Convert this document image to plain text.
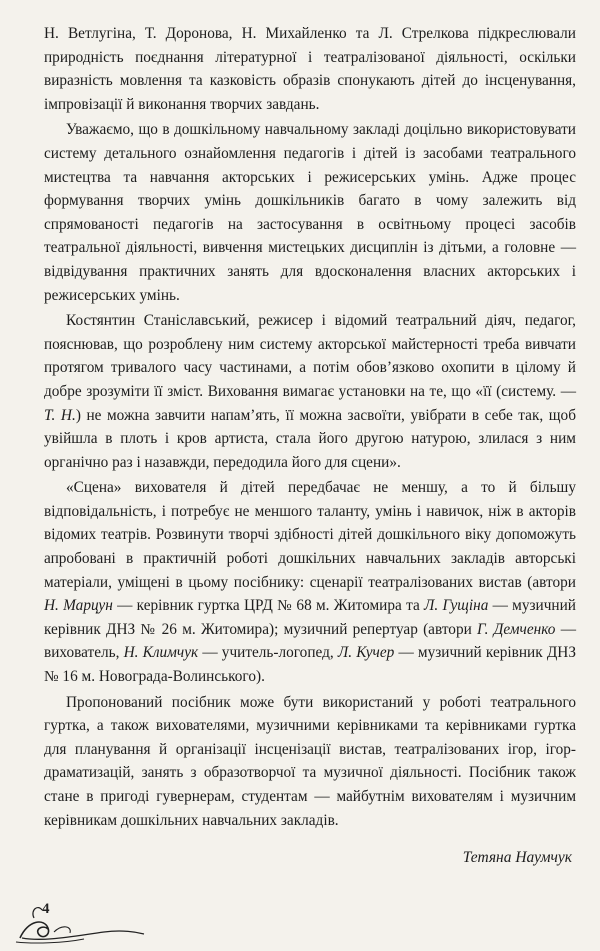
Н. Ветлугіна, Т. Доронова, Н. Михайленко та Л. Стрелкова підкреслювали природність поєднання літературної і театралізованої діяльності, оскільки виразність мовлення та казковість образів спонукають дітей до інсценування, імпровізації й виконання творчих завдань.

Уважаємо, що в дошкільному навчальному закладі доцільно використовувати систему детального ознайомлення педагогів і дітей із засобами театрального мистецтва та навчання акторських і режисерських умінь. Адже процес формування творчих умінь дошкільників багато в чому залежить від спрямованості педагогів на застосування в освітньому процесі засобів театральної діяльності, вивчення мистецьких дисциплін із дітьми, а головне — відвідування практичних занять для вдосконалення власних акторських і режисерських умінь.

Костянтин Станіславський, режисер і відомий театральний діяч, педагог, пояснював, що розроблену ним систему акторської майстерності треба вивчати протягом тривалого часу частинами, а потім обов’язково охопити в цілому й добре зрозуміти її зміст. Виховання вимагає установки на те, що «її (систему. — Т. Н.) не можна завчити напам’ять, її можна засвоїти, увібрати в себе так, щоб увійшла в плоть і кров артиста, стала його другою натурою, злилася з ним органічно раз і назавжди, передодила його для сцени».

«Сцена» вихователя й дітей передбачає не меншу, а то й більшу відповідальність, і потребує не меншого таланту, умінь і навичок, ніж в акторів відомих театрів. Розвинути творчі здібності дітей дошкільного віку допоможуть апробовані в практичній роботі дошкільних навчальних закладів авторські матеріали, уміщені в цьому посібнику: сценарії театралізованих вистав (автори Н. Марцун — керівник гуртка ЦРД № 68 м. Житомира та Л. Гущіна — музичний керівник ДНЗ № 26 м. Житомира); музичний репертуар (автори Г. Демченко — вихователь, Н. Климчук — учитель-логопед, Л. Кучер — музичний керівник ДНЗ № 16 м. Новограда-Волинського).

Пропонований посібник може бути використаний у роботі театрального гуртка, а також вихователями, музичними керівниками та керівниками гуртка для планування й організації інсценізації вистав, театралізованих ігор, ігор-драматизацій, занять з образотворчої та музичної діяльності. Посібник також стане в пригоді гувернерам, студентам — майбутнім вихователям і музичним керівникам дошкільних навчальних закладів.

Тетяна Наумчук
4
